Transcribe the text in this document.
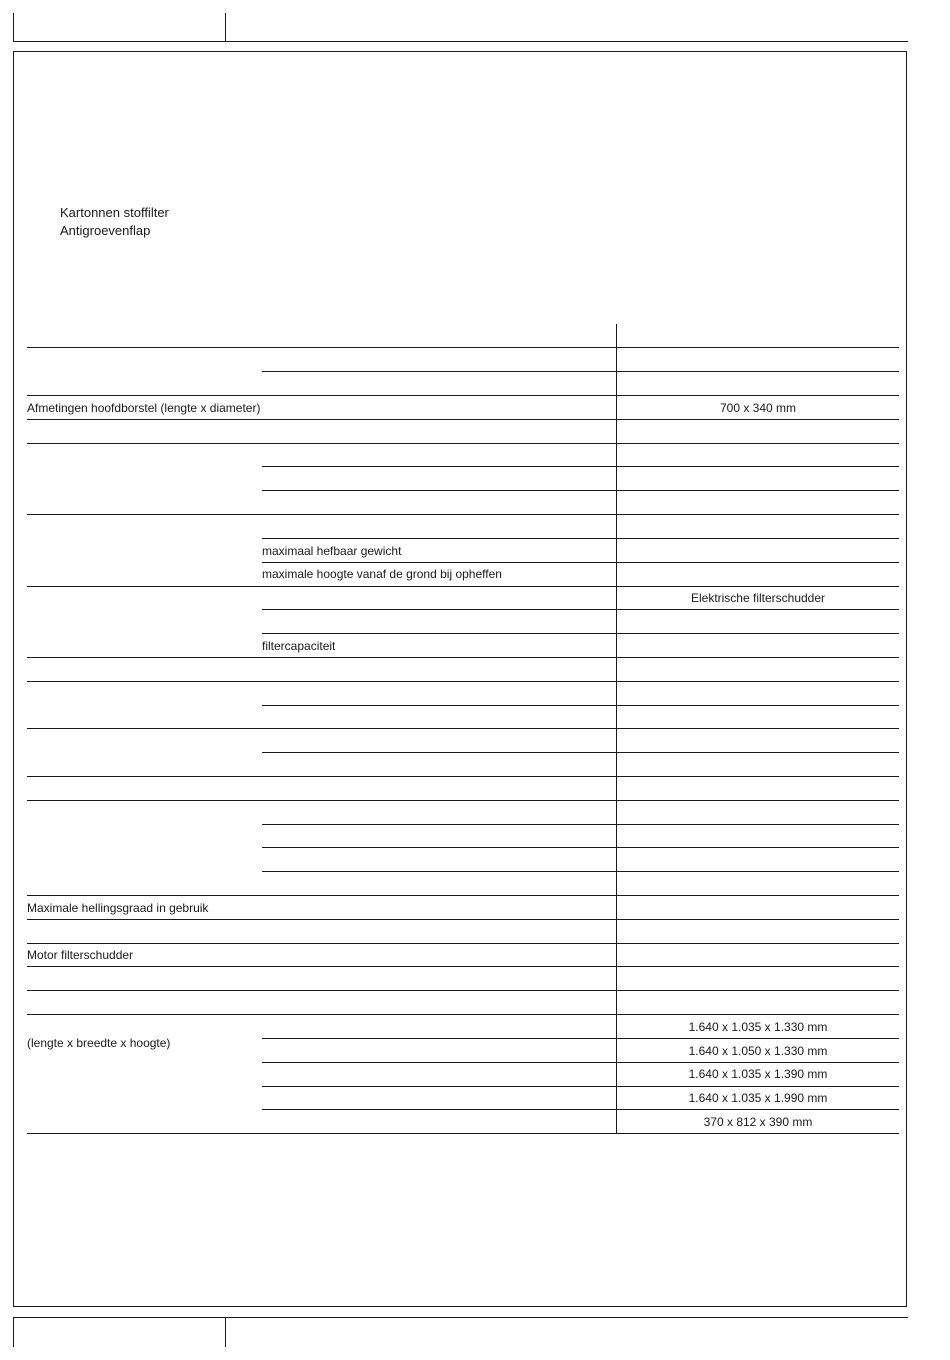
Kartonnen stoffilter
Antigroevenflap
Afmetingen hoofdborstel (lengte x diameter)	700 x 340 mm
maximaal hefbaar gewicht
maximale hoogte vanaf de grond bij opheffen
Elektrische filterschudder
filtercapaciteit
Maximale hellingsgraad in gebruik
Motor filterschudder
(lengte x breedte x hoogte)
1.640 x 1.035 x 1.330 mm
1.640 x 1.050 x 1.330 mm
1.640 x 1.035 x 1.390 mm
1.640 x 1.035 x 1.990 mm
370 x 812 x 390 mm
